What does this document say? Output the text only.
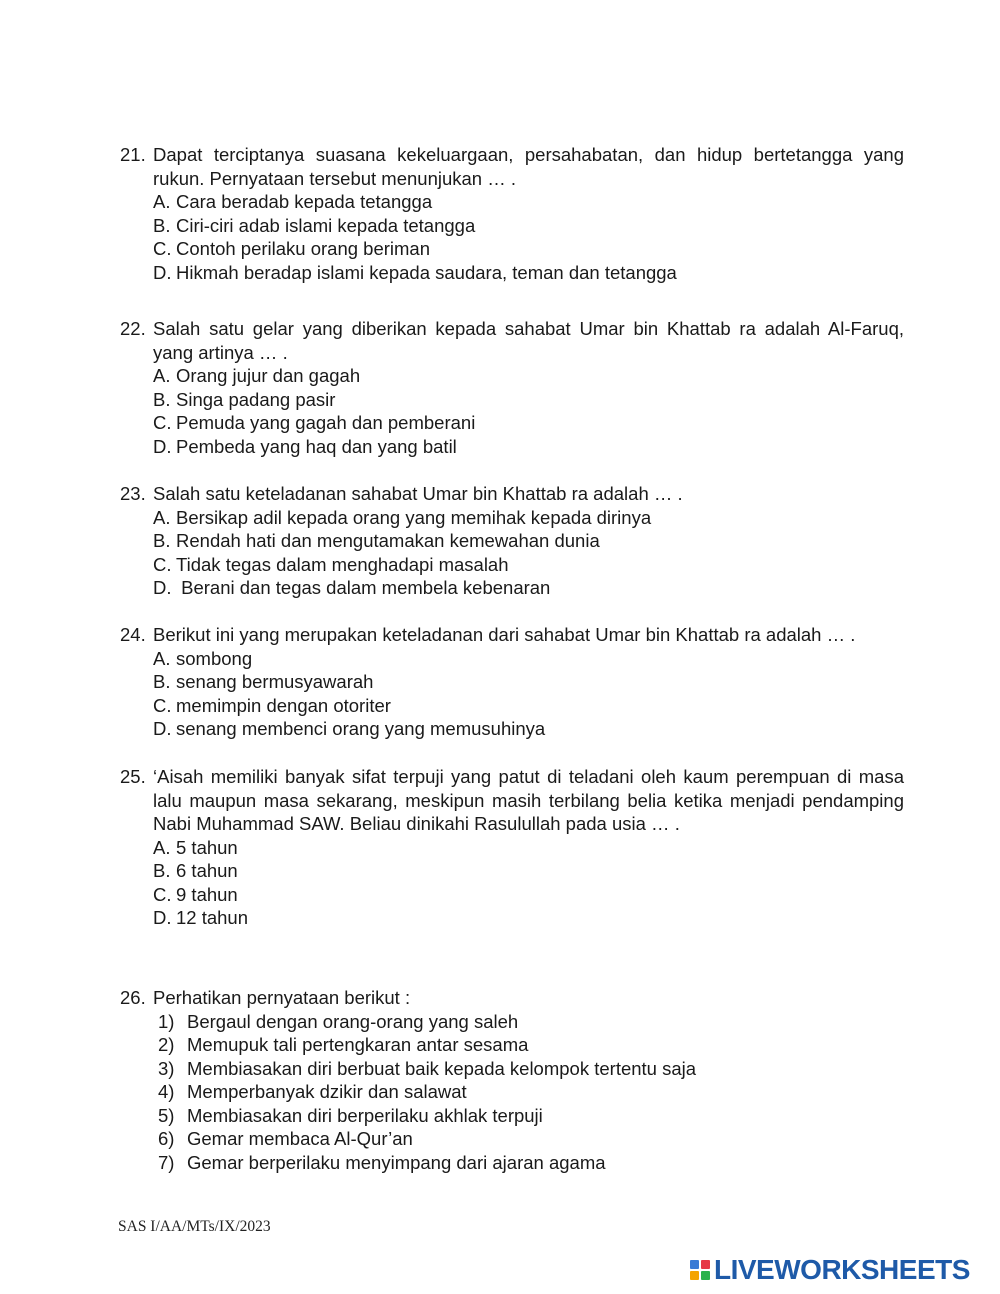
21. Dapat terciptanya suasana kekeluargaan, persahabatan, dan hidup bertetangga yang rukun. Pernyataan tersebut menunjukan … .
A. Cara beradab kepada tetangga
B. Ciri-ciri adab islami kepada tetangga
C. Contoh perilaku orang beriman
D. Hikmah beradap islami kepada saudara, teman dan tetangga
22. Salah satu gelar yang diberikan kepada sahabat Umar bin Khattab ra adalah Al-Faruq, yang artinya … .
A. Orang jujur dan gagah
B. Singa padang pasir
C. Pemuda yang gagah dan pemberani
D. Pembeda yang haq dan yang batil
23. Salah satu keteladanan sahabat Umar bin Khattab ra adalah … .
A. Bersikap adil kepada orang yang memihak kepada dirinya
B. Rendah hati dan mengutamakan kemewahan dunia
C. Tidak tegas dalam menghadapi masalah
D. Berani dan tegas dalam membela kebenaran
24. Berikut ini yang merupakan keteladanan dari sahabat Umar bin Khattab ra adalah … .
A. sombong
B. senang bermusyawarah
C. memimpin dengan otoriter
D. senang membenci orang yang memusuhinya
25. ‘Aisah memiliki banyak sifat terpuji yang patut di teladani oleh kaum perempuan di masa lalu maupun masa sekarang, meskipun masih terbilang belia ketika menjadi pendamping Nabi Muhammad SAW. Beliau dinikahi Rasulullah pada usia … .
A. 5 tahun
B. 6 tahun
C. 9 tahun
D. 12 tahun
26. Perhatikan pernyataan berikut :
1) Bergaul dengan orang-orang yang saleh
2) Memupuk tali pertengkaran antar sesama
3) Membiasakan diri berbuat baik kepada kelompok tertentu saja
4) Memperbanyak dzikir dan salawat
5) Membiasakan diri berperilaku akhlak terpuji
6) Gemar membaca Al-Qur’an
7) Gemar berperilaku menyimpang dari ajaran agama
SAS I/AA/MTs/IX/2023
LIVEWORKSHEETS
